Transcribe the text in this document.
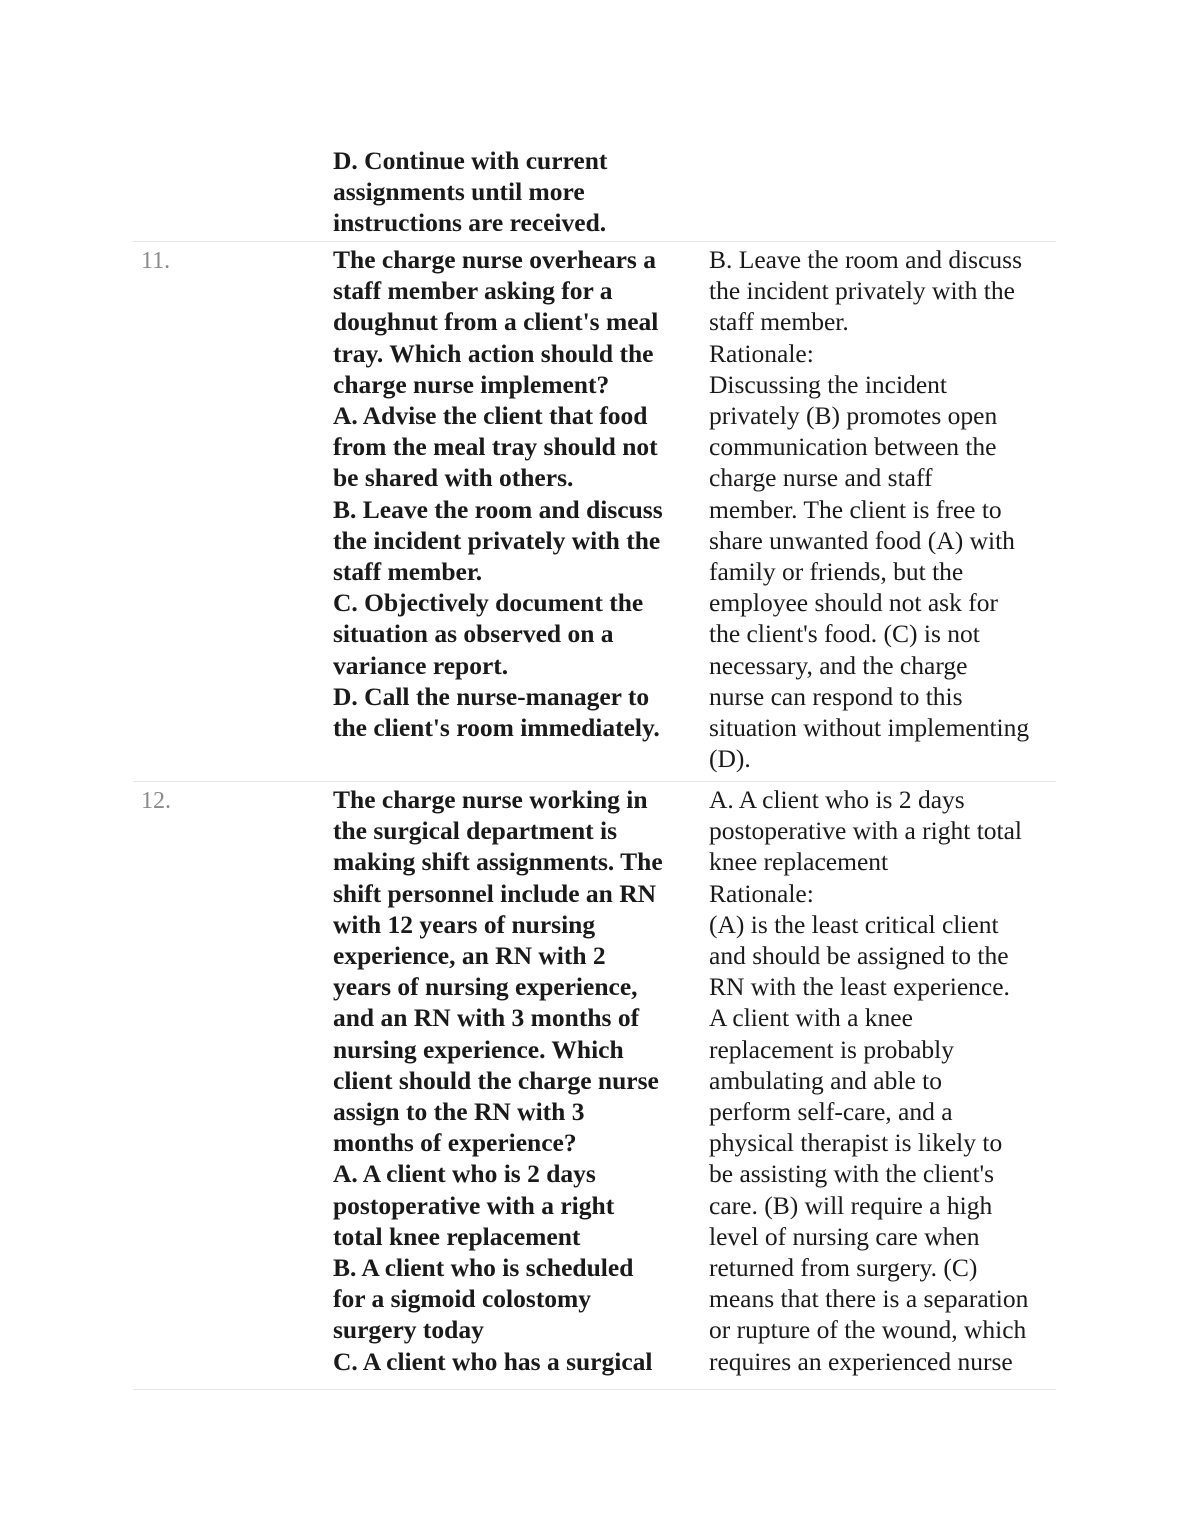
D. Continue with current
assignments until more
instructions are received.
11.	The charge nurse overhears a
staff member asking for a
doughnut from a client's meal
tray. Which action should the
charge nurse implement?
A. Advise the client that food
from the meal tray should not
be shared with others.
B. Leave the room and discuss
the incident privately with the
staff member.
C. Objectively document the
situation as observed on a
variance report.
D. Call the nurse-manager to
the client's room immediately.
B. Leave the room and discuss
the incident privately with the
staff member.
Rationale:
Discussing the incident
privately (B) promotes open
communication between the
charge nurse and staff
member. The client is free to
share unwanted food (A) with
family or friends, but the
employee should not ask for
the client's food. (C) is not
necessary, and the charge
nurse can respond to this
situation without implementing
(D).
12.	The charge nurse working in
the surgical department is
making shift assignments. The
shift personnel include an RN
with 12 years of nursing
experience, an RN with 2
years of nursing experience,
and an RN with 3 months of
nursing experience. Which
client should the charge nurse
assign to the RN with 3
months of experience?
A. A client who is 2 days
postoperative with a right
total knee replacement
B. A client who is scheduled
for a sigmoid colostomy
surgery today
C. A client who has a surgical
A. A client who is 2 days
postoperative with a right total
knee replacement
Rationale:
(A) is the least critical client
and should be assigned to the
RN with the least experience.
A client with a knee
replacement is probably
ambulating and able to
perform self-care, and a
physical therapist is likely to
be assisting with the client's
care. (B) will require a high
level of nursing care when
returned from surgery. (C)
means that there is a separation
or rupture of the wound, which
requires an experienced nurse
